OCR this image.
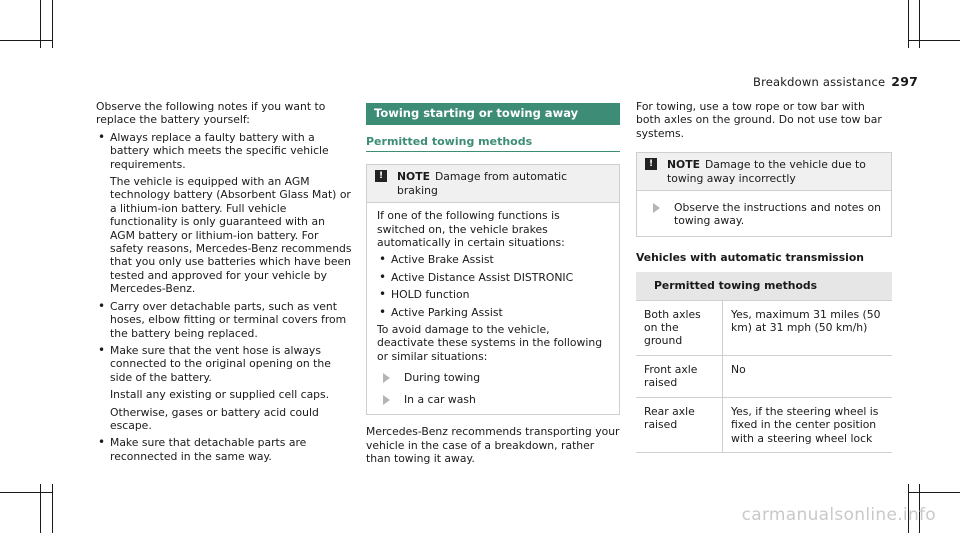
Breakdown assistance 297

Observe the following notes if you want to replace the battery yourself:

• Always replace a faulty battery with a battery which meets the specific vehicle requirements.

The vehicle is equipped with an AGM technology battery (Absorbent Glass Mat) or a lithium-ion battery. Full vehicle functionality is only guaranteed with an AGM battery or lithium-ion battery. For safety reasons, Mercedes-Benz recommends that you only use batteries which have been tested and approved for your vehicle by Mercedes-Benz.

• Carry over detachable parts, such as vent hoses, elbow fitting or terminal covers from the battery being replaced.

• Make sure that the vent hose is always connected to the original opening on the side of the battery.

Install any existing or supplied cell caps.

Otherwise, gases or battery acid could escape.

• Make sure that detachable parts are reconnected in the same way.

Towing starting or towing away
Permitted towing methods
!	NOTE Damage from automatic braking

If one of the following functions is switched on, the vehicle brakes automatically in certain situations:

• Active Brake Assist
• Active Distance Assist DISTRONIC
• HOLD function
• Active Parking Assist

To avoid damage to the vehicle, deactivate these systems in the following or similar situations:

During towing
In a car wash

Mercedes-Benz recommends transporting your vehicle in the case of a breakdown, rather than towing it away.

For towing, use a tow rope or tow bar with both axles on the ground. Do not use tow bar systems.

!	NOTE Damage to the vehicle due to towing away incorrectly
Observe the instructions and notes on towing away.
Vehicles with automatic transmission
Permitted towing methods	
Both axles on the ground	Yes, maximum 31 miles (50 km) at 31 mph (50 km/h)
Front axle raised	No
Rear axle raised	Yes, if the steering wheel is fixed in the center position with a steering wheel lock
carmanualsonline.info
